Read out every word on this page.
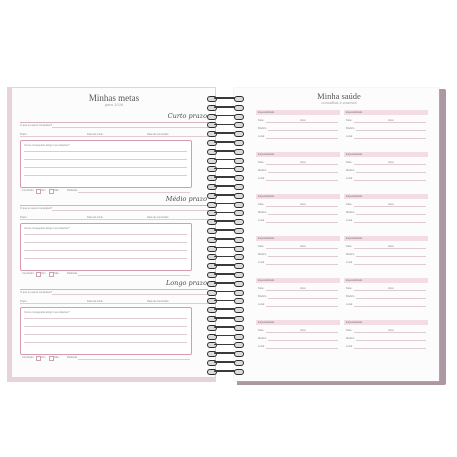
Minhas metas
para 2026
Curto prazo
O que eu quero conquistar?
Prazo	Data de início	Data de conclusão
Como conseguirei atingir meu objetivo?
Concluído	Sim	Não	Reflexão
Médio prazo
O que eu quero conquistar?
Prazo	Data de início	Data de conclusão
Como conseguirei atingir meu objetivo?
Concluído	Sim	Não	Reflexão
Longo prazo
O que eu quero conquistar?
Prazo	Data de início	Data de conclusão
Como conseguirei atingir meu objetivo?
Concluído	Sim	Não	Reflexão
Minha saúde
consultas e exames
Especialidade
Data	Hora
Médico
Local
Especialidade
Data	Hora
Médico
Local
Especialidade
Data	Hora
Médico
Local
Especialidade
Data	Hora
Médico
Local
Especialidade
Data	Hora
Médico
Local
Especialidade
Data	Hora
Médico
Local
Especialidade
Data	Hora
Médico
Local
Especialidade
Data	Hora
Médico
Local
Especialidade
Data	Hora
Médico
Local
Especialidade
Data	Hora
Médico
Local
Especialidade
Data	Hora
Médico
Local
Especialidade
Data	Hora
Médico
Local
